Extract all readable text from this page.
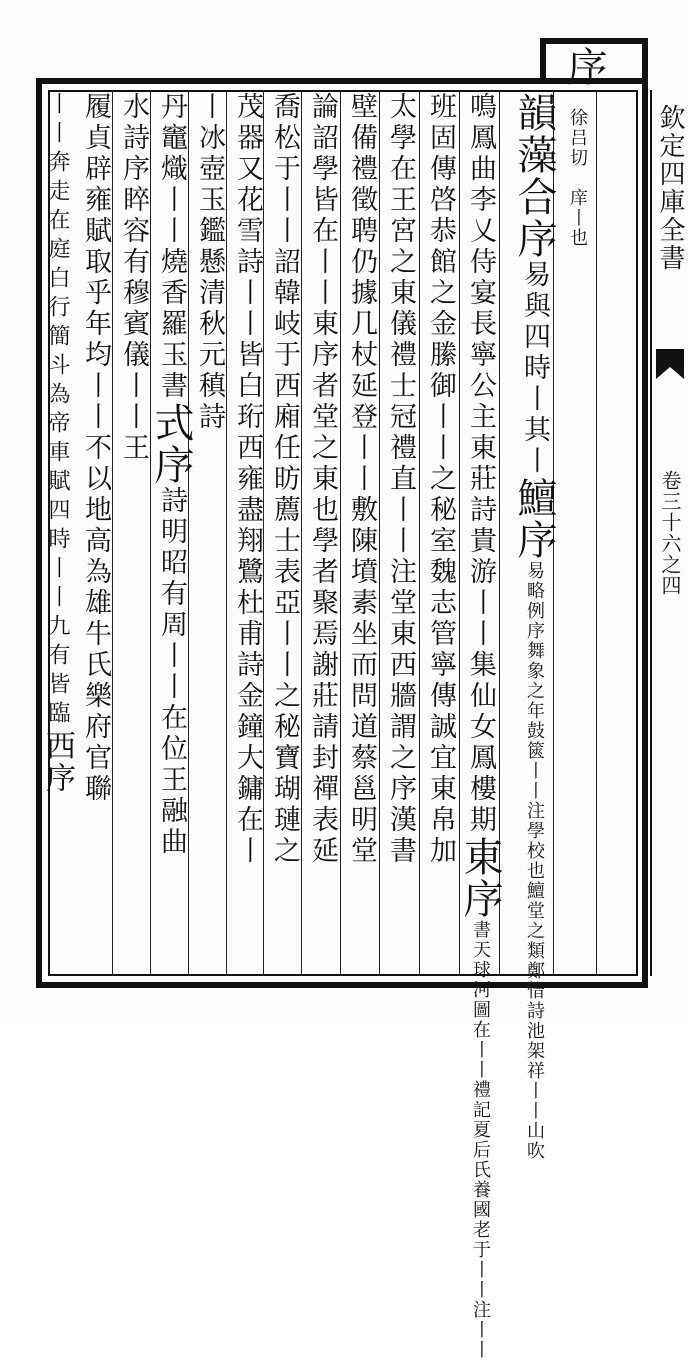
欽定四庫全書
卷三十六之四
序
徐吕切　庠丨也
韻藻合序易與四時丨其丨鱣序易略例序舞象之年鼓篋丨丨注學校也鱣堂之類鄭愔詩池架祥丨丨山吹
鳴鳳曲李乂侍宴長寧公主東莊詩貴游丨丨集仙女鳳樓期東序書天球河圖在丨丨禮記夏后氏養國老于丨丨注丨丨
班固傳啓恭館之金縢御丨丨之秘室魏志管寧傳誠宜東帛加
太學在王宮之東儀禮士冠禮直丨丨注堂東西牆謂之序漢書
壁備禮徵聘仍據几杖延登丨丨敷陳墳素坐而問道蔡邕明堂
論詔學皆在丨丨東序者堂之東也學者聚焉謝莊請封禪表延
喬松于丨丨詔韓岐于西廂任昉薦士表亞丨丨之秘寶瑚璉之
茂器又花雪詩丨丨皆白珩西雍盡翔鷺杜甫詩金鐘大鏞在丨
丨冰壺玉鑑懸清秋元稹詩
丹竈熾丨丨燒香羅玉書式序詩明昭有周丨丨在位王融曲
水詩序睟容有穆賓儀丨丨王
履貞辟雍賦取乎年均丨丨不以地高為雄牛氏樂府官聯
丨丨奔走在庭白行簡斗為帝車賦四時丨丨九有皆臨西序
